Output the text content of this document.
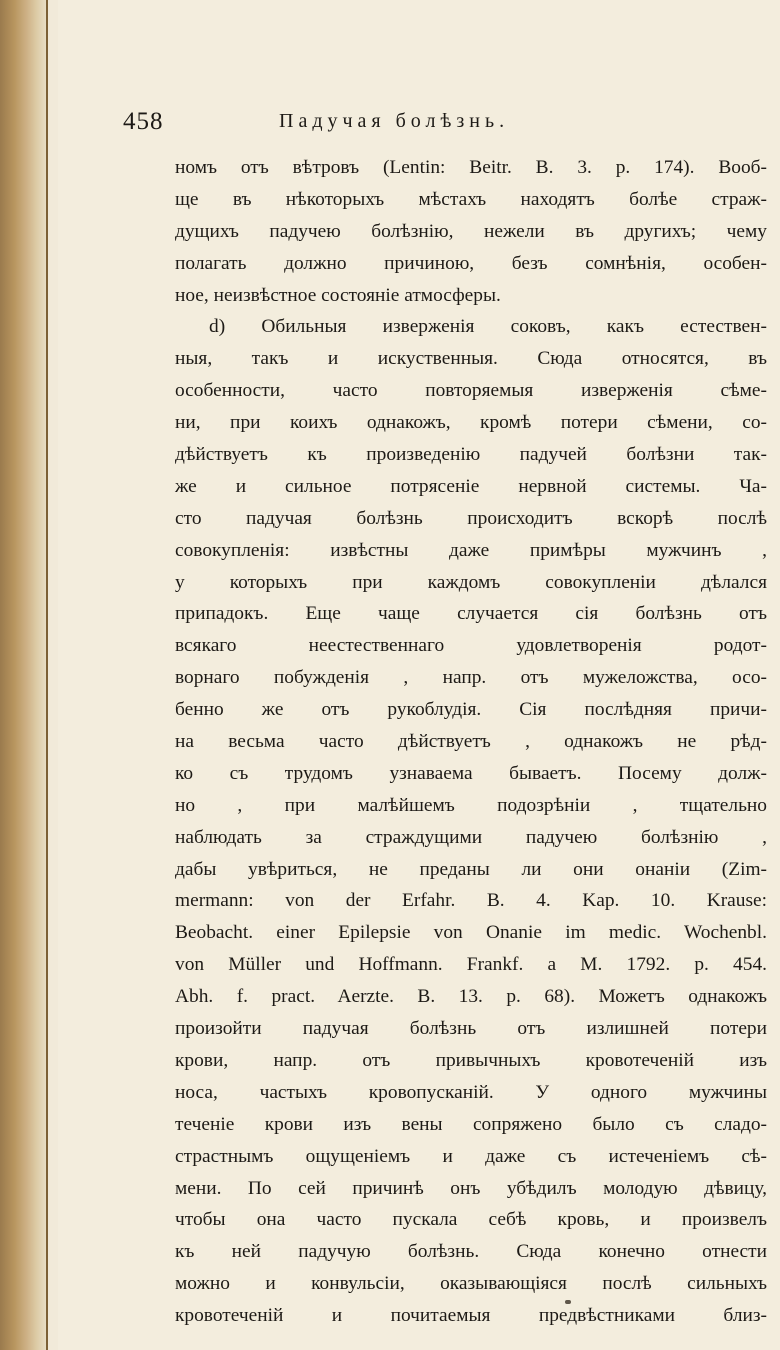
458	Падучая болѣзнь.
номъ отъ вѣтровъ (Lentin: Beitr. B. 3. p. 174). Вооб-
ще въ нѣкоторыхъ мѣстахъ находятъ болѣе страж-
дущихъ падучею болѣзнію, нежели въ другихъ; чему
полагать должно причиною, безъ сомнѣнія, особен-
ное, неизвѣстное состояніе атмосферы.
d) Обильныя изверженія соковъ, какъ естествен-
ныя, такъ и искуственныя. Сюда относятся, въ
особенности, часто повторяемыя изверженія сѣме-
ни, при коихъ однакожъ, кромѣ потери сѣмени, со-
дѣйствуетъ къ произведенію падучей болѣзни так-
же и сильное потрясеніе нервной системы. Ча-
сто падучая болѣзнь происходитъ вскорѣ послѣ
совокупленія: извѣстны даже примѣры мужчинъ ,
у которыхъ при каждомъ совокупленіи дѣлался
припадокъ. Еще чаще случается сія болѣзнь отъ
всякаго неестественнаго удовлетворенія родот-
ворнаго побужденія , напр. отъ мужеложства, осо-
бенно же отъ рукоблудія. Сія послѣдняя причи-
на весьма часто дѣйствуетъ , однакожъ не рѣд-
ко съ трудомъ узнаваема бываетъ. Посему долж-
но , при малѣйшемъ подозрѣніи , тщательно
наблюдать за страждущими падучею болѣзнію ,
дабы увѣриться, не преданы ли они онаніи (Zim-
mermann: von der Erfahr. B. 4. Kap. 10. Krause:
Beobacht. einer Epilepsie von Onanie im medic. Wochenbl.
von Müller und Hoffmann. Frankf. a M. 1792. p. 454.
Abh. f. pract. Aerzte. B. 13. p. 68). Можетъ однакожъ
произойти падучая болѣзнь отъ излишней потери
крови, напр. отъ привычныхъ кровотеченій изъ
носа, частыхъ кровопусканій. У одного мужчины
теченіе крови изъ вены сопряжено было съ сладо-
страстнымъ ощущеніемъ и даже съ истеченіемъ сѣ-
мени. По сей причинѣ онъ убѣдилъ молодую дѣвицу,
чтобы она часто пускала себѣ кровь, и произвелъ
къ ней падучую болѣзнь. Сюда конечно отнести
можно и конвульсіи, оказывающіяся послѣ сильныхъ
кровотеченій и почитаемыя предвѣстниками близ-
